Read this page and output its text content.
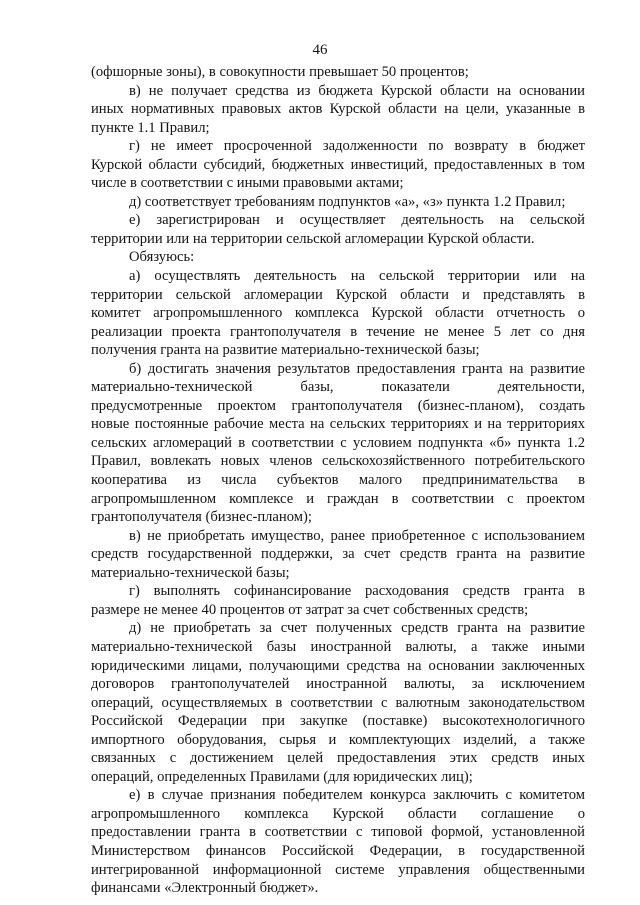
46
(офшорные зоны), в совокупности превышает 50 процентов;
в) не получает средства из бюджета Курской области на основании
иных нормативных правовых актов Курской области на цели, указанные в
пункте 1.1 Правил;
г) не имеет просроченной задолженности по возврату в бюджет
Курской области субсидий, бюджетных инвестиций, предоставленных в том
числе в соответствии с иными правовыми актами;
д) соответствует требованиям подпунктов «а», «з» пункта 1.2 Правил;
е) зарегистрирован и осуществляет деятельность на сельской
территории или на территории сельской агломерации Курской области.
Обязуюсь:
а) осуществлять деятельность на сельской территории или на
территории сельской агломерации Курской области и представлять в
комитет агропромышленного комплекса Курской области отчетность о
реализации проекта грантополучателя в течение не менее 5 лет со дня
получения гранта на развитие материально-технической базы;
б) достигать значения результатов предоставления гранта на развитие
материально-технической базы, показатели деятельности,
предусмотренные проектом грантополучателя (бизнес-планом), создать
новые постоянные рабочие места на сельских территориях и на территориях
сельских агломераций в соответствии с условием подпункта «б» пункта 1.2
Правил, вовлекать новых членов сельскохозяйственного потребительского
кооператива из числа субъектов малого предпринимательства в
агропромышленном комплексе и граждан в соответствии с проектом
грантополучателя (бизнес-планом);
в) не приобретать имущество, ранее приобретенное с использованием
средств государственной поддержки, за счет средств гранта на развитие
материально-технической базы;
г) выполнять софинансирование расходования средств гранта в
размере не менее 40 процентов от затрат за счет собственных средств;
д) не приобретать за счет полученных средств гранта на развитие
материально-технической базы иностранной валюты, а также иными
юридическими лицами, получающими средства на основании заключенных
договоров грантополучателей иностранной валюты, за исключением
операций, осуществляемых в соответствии с валютным законодательством
Российской Федерации при закупке (поставке) высокотехнологичного
импортного оборудования, сырья и комплектующих изделий, а также
связанных с достижением целей предоставления этих средств иных
операций, определенных Правилами (для юридических лиц);
е) в случае признания победителем конкурса заключить с комитетом
агропромышленного комплекса Курской области соглашение о
предоставлении гранта в соответствии с типовой формой, установленной
Министерством финансов Российской Федерации, в государственной
интегрированной информационной системе управления общественными
финансами «Электронный бюджет».
